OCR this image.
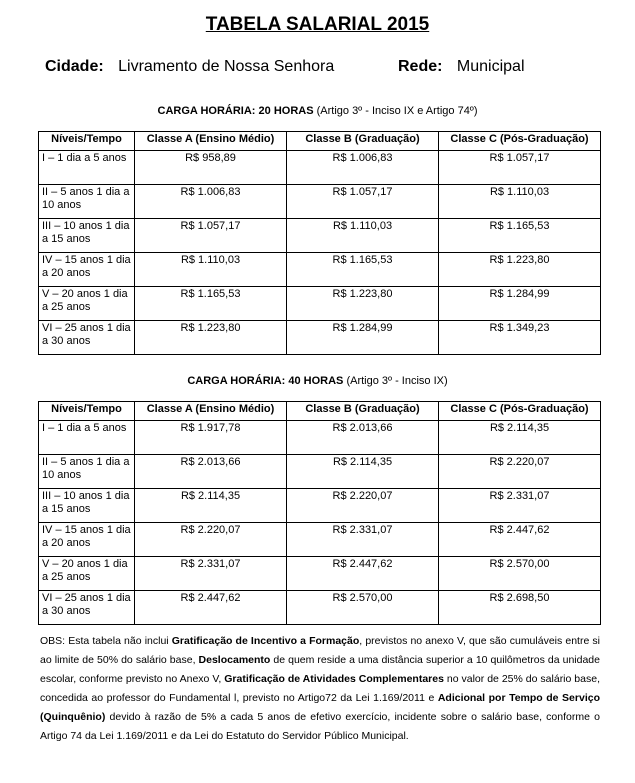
TABELA SALARIAL 2015
Cidade: Livramento de Nossa Senhora	Rede: Municipal
CARGA HORÁRIA: 20 HORAS (Artigo 3º - Inciso IX e Artigo 74º)
Níveis/Tempo	Classe A (Ensino Médio)	Classe B (Graduação)	Classe C (Pós-Graduação)
I – 1 dia a 5 anos	R$ 958,89	R$ 1.006,83	R$ 1.057,17
II – 5 anos 1 dia a 10 anos	R$ 1.006,83	R$ 1.057,17	R$ 1.110,03
III – 10 anos 1 dia a 15 anos	R$ 1.057,17	R$ 1.110,03	R$ 1.165,53
IV – 15 anos 1 dia a 20 anos	R$ 1.110,03	R$ 1.165,53	R$ 1.223,80
V – 20 anos 1 dia a 25 anos	R$ 1.165,53	R$ 1.223,80	R$ 1.284,99
VI – 25 anos 1 dia a 30 anos	R$ 1.223,80	R$ 1.284,99	R$ 1.349,23
CARGA HORÁRIA: 40 HORAS (Artigo 3º - Inciso IX)
Níveis/Tempo	Classe A (Ensino Médio)	Classe B (Graduação)	Classe C (Pós-Graduação)
I – 1 dia a 5 anos	R$ 1.917,78	R$ 2.013,66	R$ 2.114,35
II – 5 anos 1 dia a 10 anos	R$ 2.013,66	R$ 2.114,35	R$ 2.220,07
III – 10 anos 1 dia a 15 anos	R$ 2.114,35	R$ 2.220,07	R$ 2.331,07
IV – 15 anos 1 dia a 20 anos	R$ 2.220,07	R$ 2.331,07	R$ 2.447,62
V – 20 anos 1 dia a 25 anos	R$ 2.331,07	R$ 2.447,62	R$ 2.570,00
VI – 25 anos 1 dia a 30 anos	R$ 2.447,62	R$ 2.570,00	R$ 2.698,50
OBS: Esta tabela não inclui Gratificação de Incentivo a Formação, previstos no anexo V, que são cumuláveis entre si ao limite de 50% do salário base, Deslocamento de quem reside a uma distância superior a 10 quilômetros da unidade escolar, conforme previsto no Anexo V, Gratificação de Atividades Complementares no valor de 25% do salário base, concedida ao professor do Fundamental l, previsto no Artigo72 da Lei 1.169/2011 e Adicional por Tempo de Serviço (Quinquênio) devido à razão de 5% a cada 5 anos de efetivo exercício, incidente sobre o salário base, conforme o Artigo 74 da Lei 1.169/2011 e da Lei do Estatuto do Servidor Público Municipal.
